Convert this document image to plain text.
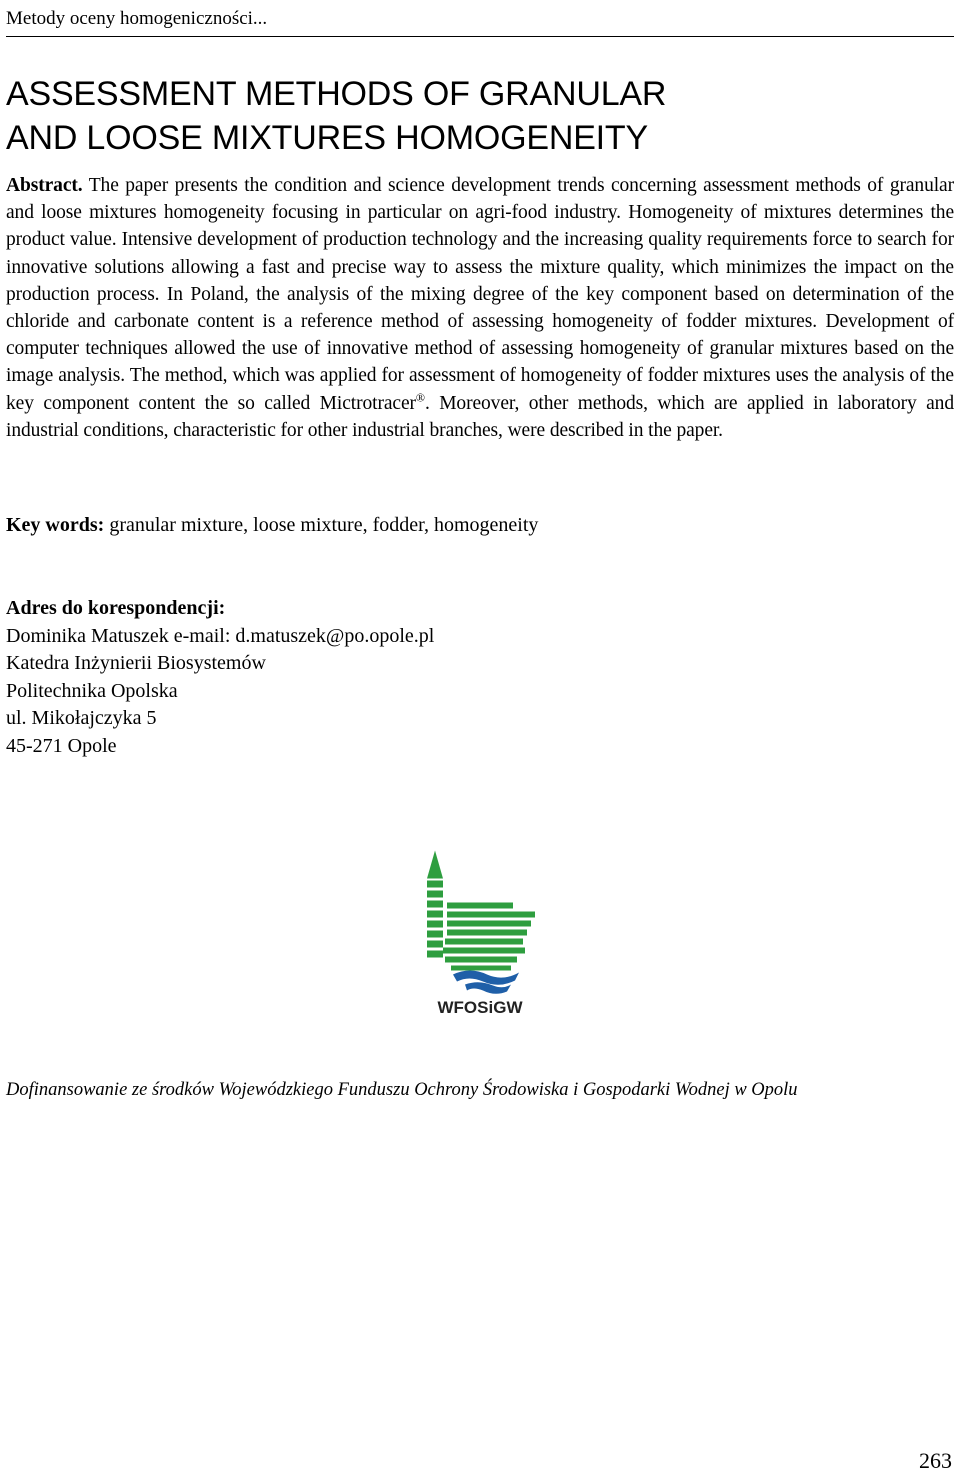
Metody oceny homogeniczności...
ASSESSMENT METHODS OF GRANULAR
AND LOOSE MIXTURES HOMOGENEITY

Abstract. The paper presents the condition and science development trends concerning assessment methods of granular and loose mixtures homogeneity focusing in particular on agri-food industry. Homogeneity of mixtures determines the product value. Intensive development of production technology and the increasing quality requirements force to search for innovative solutions allowing a fast and precise way to assess the mixture quality, which minimizes the impact on the production process. In Poland, the analysis of the mixing degree of the key component based on determination of the chloride and carbonate content is a reference method of assessing homogeneity of fodder mixtures. Development of computer techniques allowed the use of innovative method of assessing homogeneity of granular mixtures based on the image analysis. The method, which was applied for assessment of homogeneity of fodder mixtures uses the analysis of the key component content the so called Mictrotracer®. Moreover, other methods, which are applied in laboratory and industrial conditions, characteristic for other industrial branches, were described in the paper.

Key words: granular mixture, loose mixture, fodder, homogeneity

Adres do korespondencji:
Dominika Matuszek e-mail: d.matuszek@po.opole.pl
Katedra Inżynierii Biosystemów
Politechnika Opolska
ul. Mikołajczyka 5
45-271 Opole
WFOSiGW

Dofinansowanie ze środków Wojewódzkiego Funduszu Ochrony Środowiska i Gospodarki Wodnej w Opolu

263
